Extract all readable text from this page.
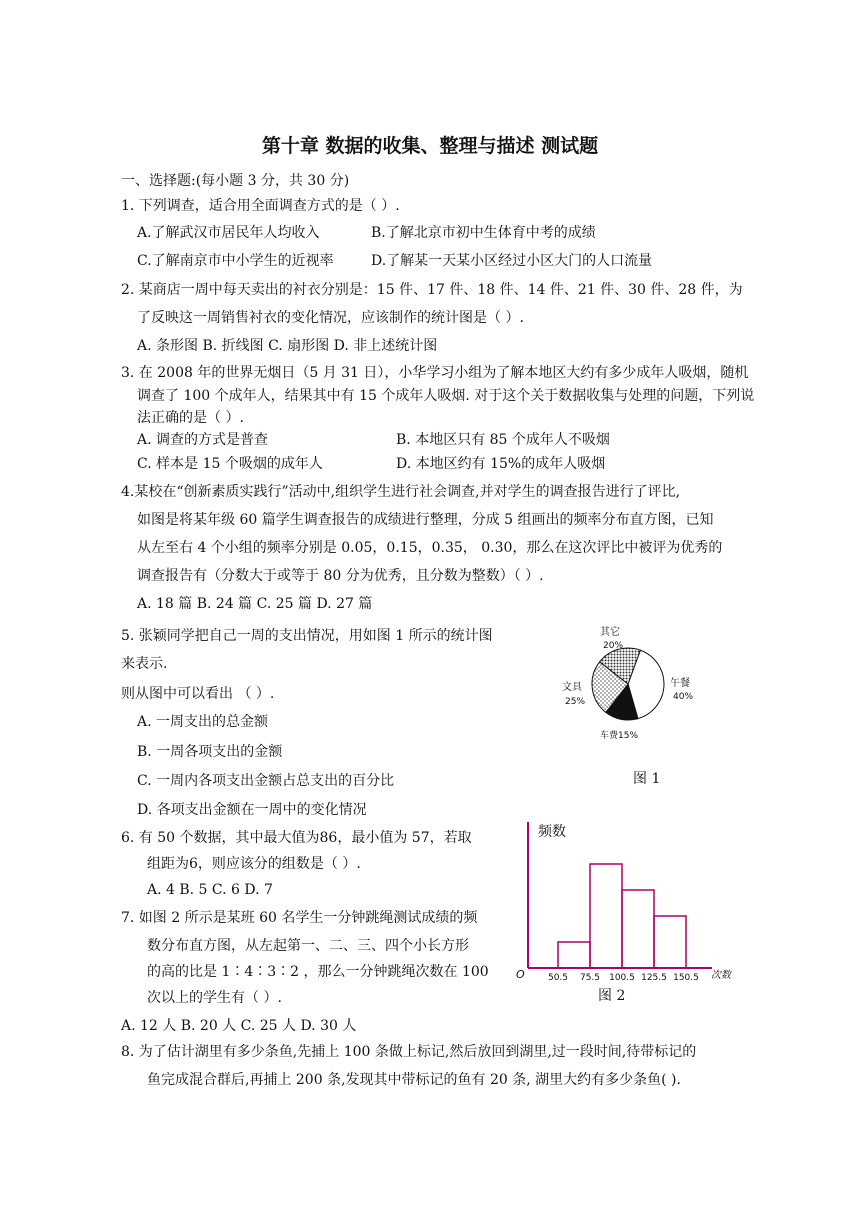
第十章 数据的收集、整理与描述 测试题
一、选择题:(每小题 3 分，共 30 分)
1. 下列调查，适合用全面调查方式的是（ ）.
A.了解武汉市居民年人均收入	B.了解北京市初中生体育中考的成绩
C.了解南京市中小学生的近视率	D.了解某一天某小区经过小区大门的人口流量
2. 某商店一周中每天卖出的衬衣分别是：15 件、17 件、18 件、14 件、21 件、30 件、28 件，为
了反映这一周销售衬衣的变化情况，应该制作的统计图是（ ）.
A. 条形图 B. 折线图 C. 扇形图 D. 非上述统计图
3. 在 2008 年的世界无烟日（5 月 31 日），小华学习小组为了解本地区大约有多少成年人吸烟，随机
调查了 100 个成年人，结果其中有 15 个成年人吸烟. 对于这个关于数据收集与处理的问题，下列说
法正确的是（ ）.
A. 调查的方式是普查	B. 本地区只有 85 个成年人不吸烟
C. 样本是 15 个吸烟的成年人	D. 本地区约有 15%的成年人吸烟
4.某校在“创新素质实践行”活动中,组织学生进行社会调查,并对学生的调查报告进行了评比,
如图是将某年级 60 篇学生调查报告的成绩进行整理，分成 5 组画出的频率分布直方图，已知
从左至右 4 个小组的频率分别是 0.05，0.15，0.35， 0.30，那么在这次评比中被评为优秀的
调查报告有（分数大于或等于 80 分为优秀，且分数为整数）（ ）.
A. 18 篇 B. 24 篇 C. 25 篇 D. 27 篇
5. 张颖同学把自己一周的支出情况，用如图 1 所示的统计图
来表示.
则从图中可以看出 （ ）.
A. 一周支出的总金额
B. 一周各项支出的金额
C. 一周内各项支出金额占总支出的百分比
D. 各项支出金额在一周中的变化情况
其它
20%
午餐
40%
文具
25%
车费15%
图 1
6. 有 50 个数据，其中最大值为86，最小值为 57，若取
组距为6，则应该分的组数是（ ）.
A. 4 B. 5 C. 6 D. 7
7. 如图 2 所示是某班 60 名学生一分钟跳绳测试成绩的频
数分布直方图，从左起第一、二、三、四个小长方形
的高的比是 1∶4∶3∶2 ，那么一分钟跳绳次数在 100
次以上的学生有（ ）.
A. 12 人 B. 20 人 C. 25 人 D. 30 人
频数
50.5 75.5 100.5 125.5 150.5
O	次数
图 2
8. 为了估计湖里有多少条鱼,先捕上 100 条做上标记,然后放回到湖里,过一段时间,待带标记的
鱼完成混合群后,再捕上 200 条,发现其中带标记的鱼有 20 条, 湖里大约有多少条鱼( ).
